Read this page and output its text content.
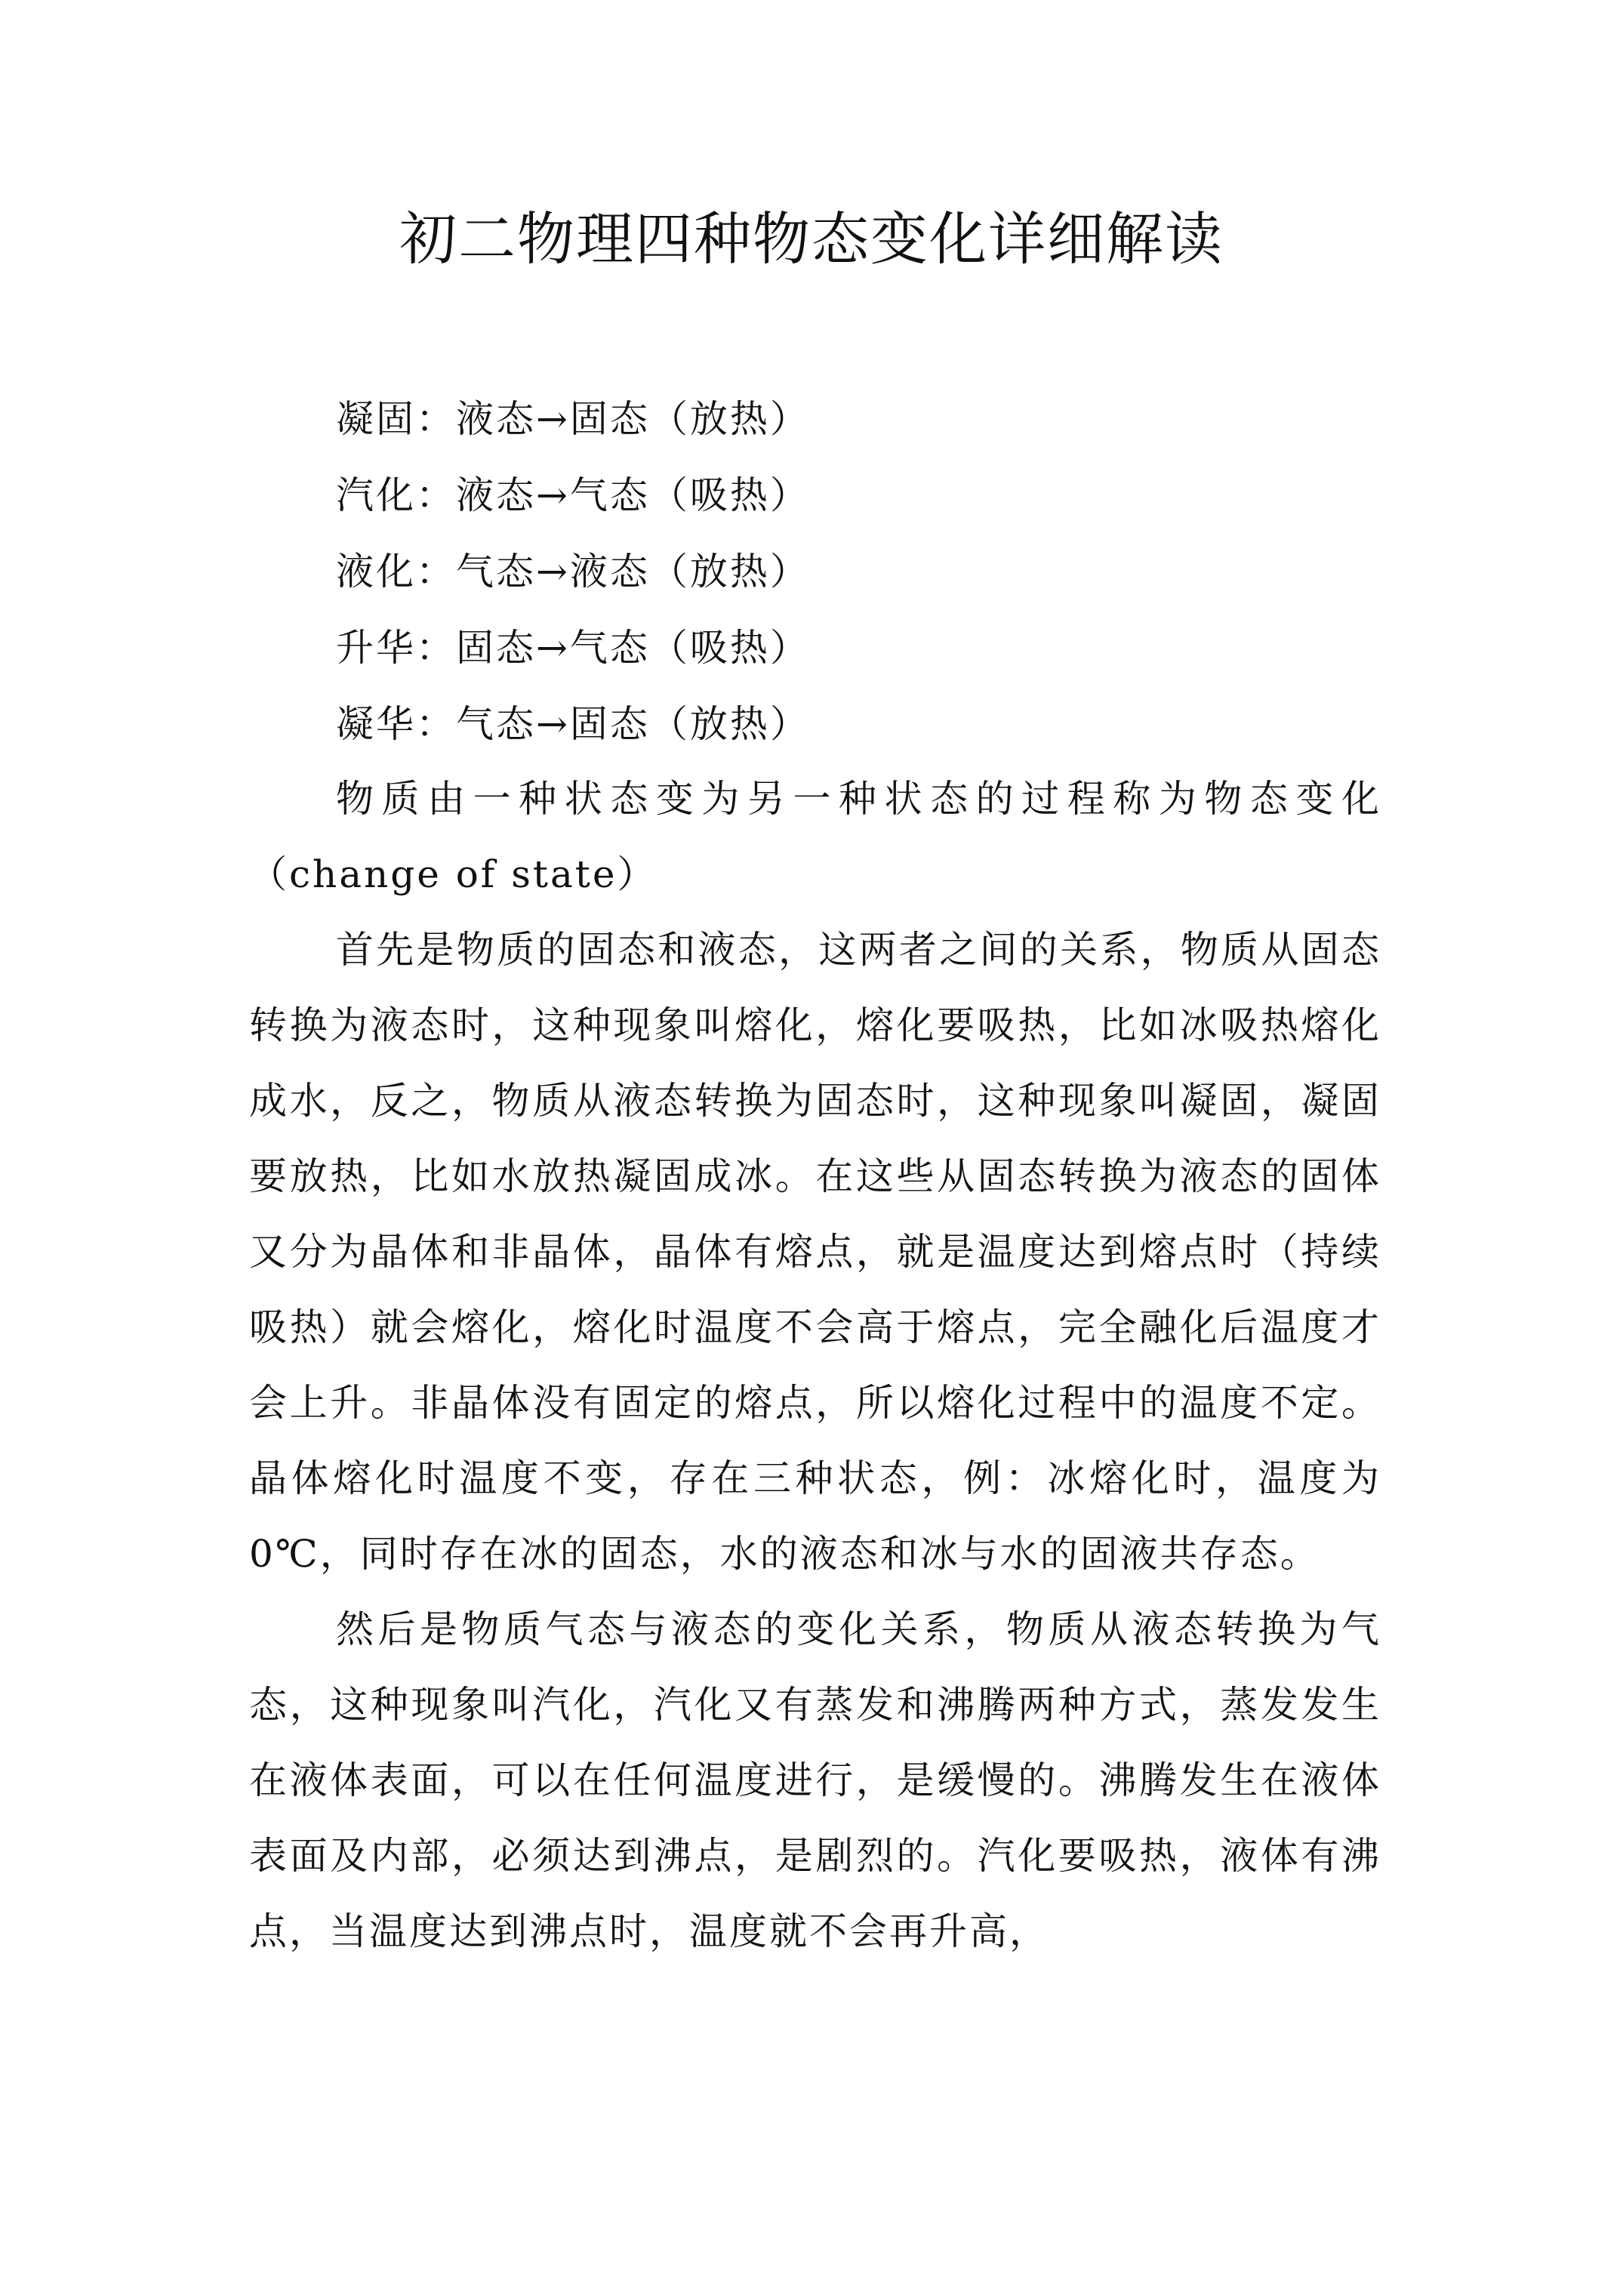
初二物理四种物态变化详细解读
凝固：液态→固态（放热）
汽化：液态→气态（吸热）
液化：气态→液态（放热）
升华：固态→气态（吸热）
凝华：气态→固态（放热）

物质由一种状态变为另一种状态的过程称为物态变化（change of state）

首先是物质的固态和液态，这两者之间的关系，物质从固态转换为液态时，这种现象叫熔化，熔化要吸热，比如冰吸热熔化成水，反之，物质从液态转换为固态时，这种现象叫凝固，凝固要放热，比如水放热凝固成冰。在这些从固态转换为液态的固体又分为晶体和非晶体，晶体有熔点，就是温度达到熔点时（持续吸热）就会熔化，熔化时温度不会高于熔点，完全融化后温度才会上升。非晶体没有固定的熔点，所以熔化过程中的温度不定。晶体熔化时温度不变，存在三种状态，例：冰熔化时，温度为0℃，同时存在冰的固态，水的液态和冰与水的固液共存态。

然后是物质气态与液态的变化关系，物质从液态转换为气态，这种现象叫汽化，汽化又有蒸发和沸腾两种方式，蒸发发生在液体表面，可以在任何温度进行，是缓慢的。沸腾发生在液体表面及内部，必须达到沸点，是剧烈的。汽化要吸热，液体有沸点，当温度达到沸点时，温度就不会再升高，
